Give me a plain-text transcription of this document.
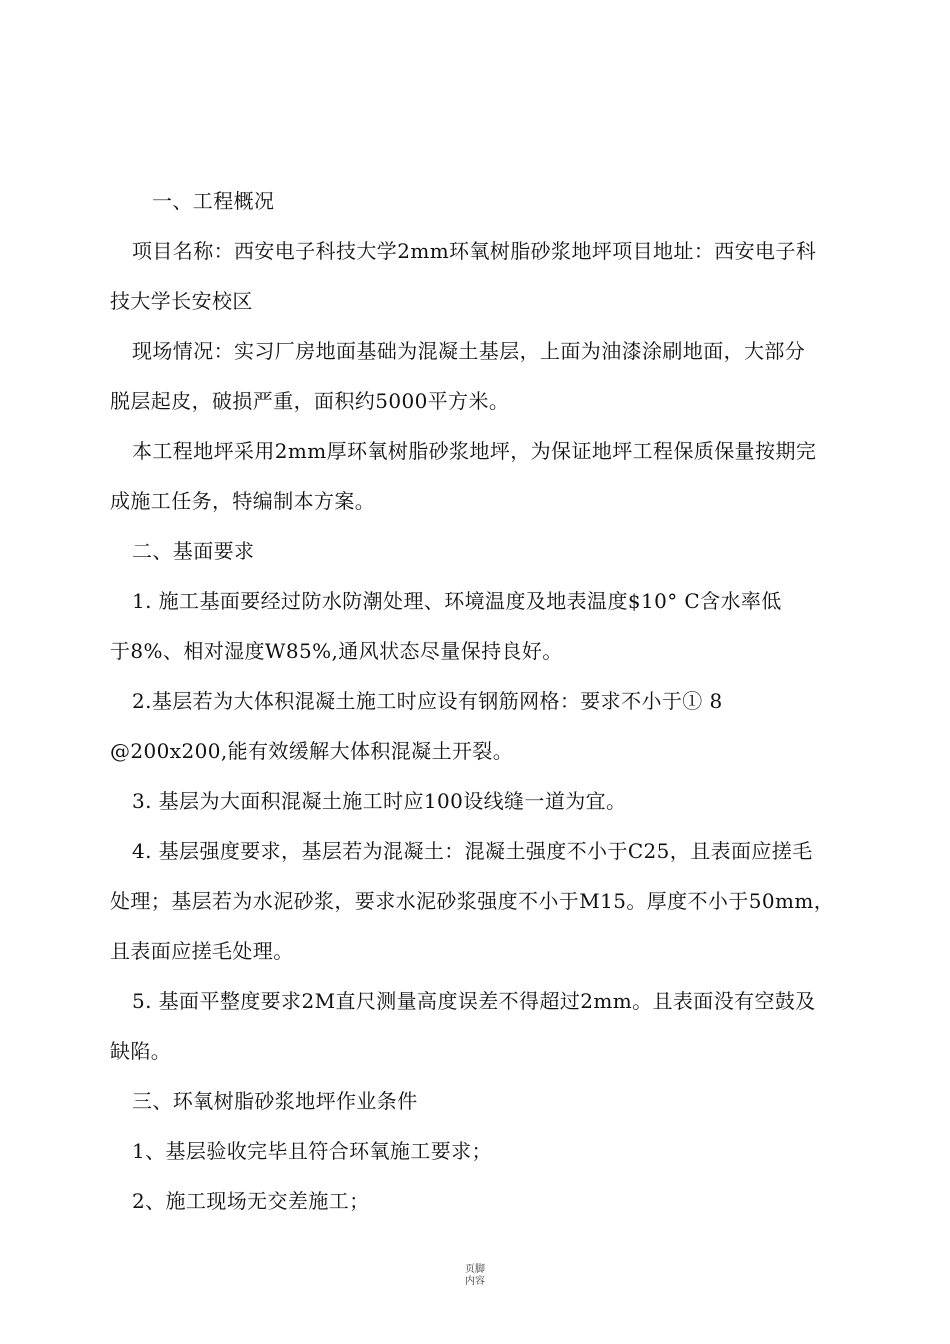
一、工程概况
项目名称：西安电子科技大学2mm环氧树脂砂浆地坪项目地址：西安电子科
技大学长安校区
现场情况：实习厂房地面基础为混凝土基层，上面为油漆涂刷地面，大部分
脱层起皮，破损严重，面积约5000平方米。
本工程地坪采用2mm厚环氧树脂砂浆地坪，为保证地坪工程保质保量按期完
成施工任务，特编制本方案。
二、基面要求
1. 施工基面要经过防水防潮处理、环境温度及地表温度$10° C含水率低
于8%、相对湿度W85%,通风状态尽量保持良好。
2.基层若为大体积混凝土施工时应设有钢筋网格：要求不小于① 8
@200x200,能有效缓解大体积混凝土开裂。
3. 基层为大面积混凝土施工时应100设线缝一道为宜。
4. 基层强度要求，基层若为混凝土：混凝土强度不小于C25，且表面应搓毛
处理；基层若为水泥砂浆，要求水泥砂浆强度不小于M15。厚度不小于50mm，
且表面应搓毛处理。
5. 基面平整度要求2M直尺测量高度误差不得超过2mm。且表面没有空鼓及
缺陷。
三、环氧树脂砂浆地坪作业条件
1、基层验收完毕且符合环氧施工要求；
2、施工现场无交差施工；
页脚
内容
